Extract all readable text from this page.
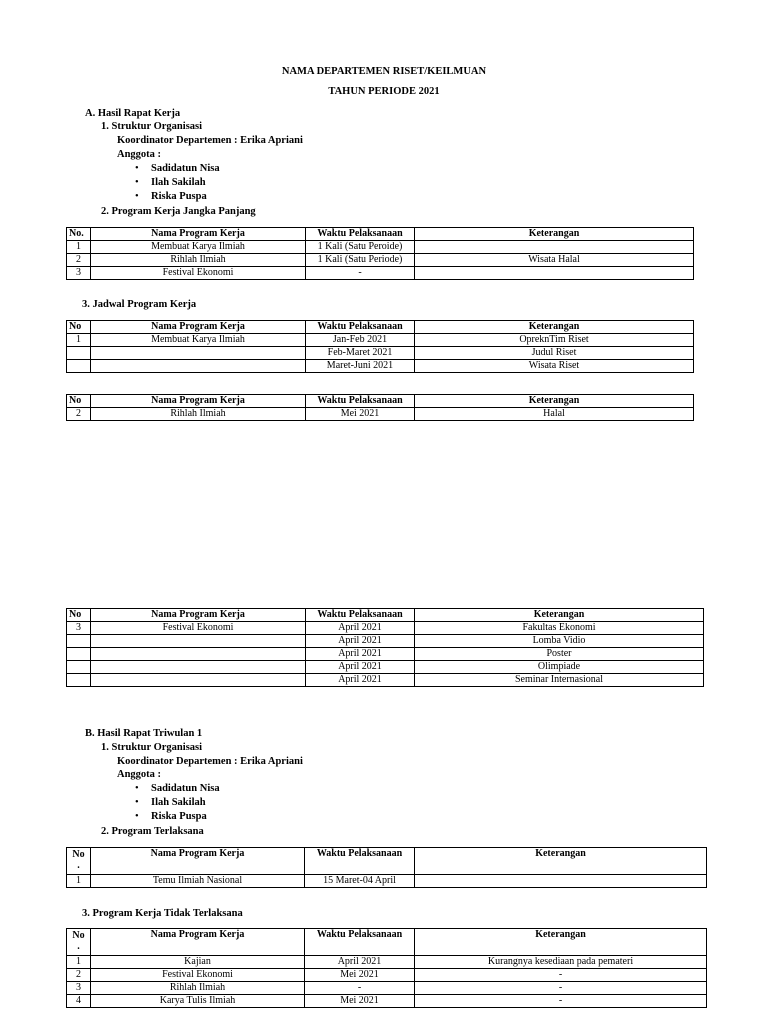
NAMA DEPARTEMEN RISET/KEILMUAN
TAHUN PERIODE 2021
A. Hasil Rapat Kerja
1. Struktur Organisasi
Koordinator Departemen : Erika Apriani
Anggota :
• Sadidatun Nisa
• Ilah Sakilah
• Riska Puspa
2. Program Kerja Jangka Panjang
No.	Nama Program Kerja	Waktu Pelaksanaan	Keterangan
1	Membuat Karya Ilmiah	1 Kali (Satu Peroide)	
2	Rihlah Ilmiah	1 Kali (Satu Periode)	Wisata Halal
3	Festival Ekonomi	-	
3. Jadwal Program Kerja
No	Nama Program Kerja	Waktu Pelaksanaan	Keterangan
1	Membuat Karya Ilmiah	Jan-Feb 2021	OpreknTim Riset
		Feb-Maret 2021	Judul Riset
		Maret-Juni 2021	Wisata Riset
No	Nama Program Kerja	Waktu Pelaksanaan	Keterangan
2	Rihlah Ilmiah	Mei 2021	Halal
No	Nama Program Kerja	Waktu Pelaksanaan	Keterangan
3	Festival Ekonomi	April 2021	Fakultas Ekonomi
		April 2021	Lomba Vidio
		April 2021	Poster
		April 2021	Olimpiade
		April 2021	Seminar Internasional
B. Hasil Rapat Triwulan 1
1. Struktur Organisasi
Koordinator Departemen : Erika Apriani
Anggota :
• Sadidatun Nisa
• Ilah Sakilah
• Riska Puspa
2. Program Terlaksana
No
.	Nama Program Kerja	Waktu Pelaksanaan	Keterangan
1	Temu Ilmiah Nasional	15 Maret-04 April	
3. Program Kerja Tidak Terlaksana
No
.	Nama Program Kerja	Waktu Pelaksanaan	Keterangan
1	Kajian	April 2021	Kurangnya kesediaan pada pemateri
2	Festival Ekonomi	Mei 2021	-
3	Rihlah Ilmiah	-	-
4	Karya Tulis Ilmiah	Mei 2021	-
